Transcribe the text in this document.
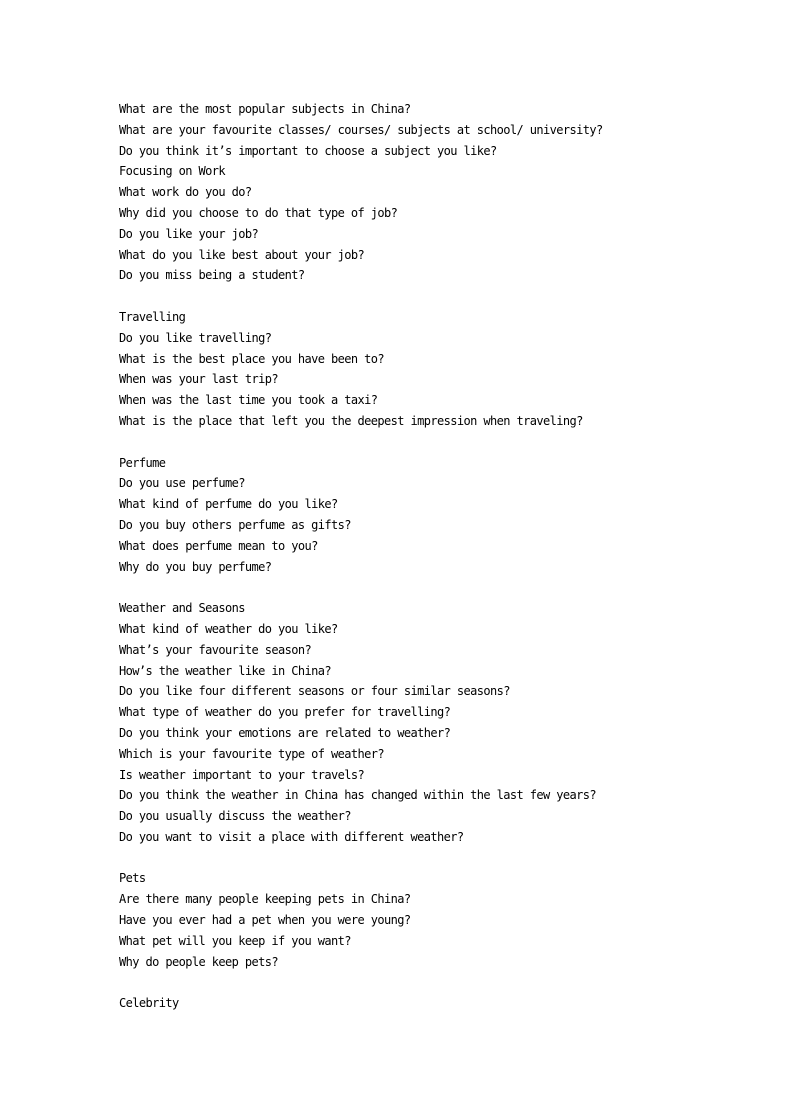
What are the most popular subjects in China?
What are your favourite classes/ courses/ subjects at school/ university?
Do you think it’s important to choose a subject you like?
Focusing on Work
What work do you do?
Why did you choose to do that type of job?
Do you like your job?
What do you like best about your job?
Do you miss being a student?
Travelling
Do you like travelling?
What is the best place you have been to?
When was your last trip?
When was the last time you took a taxi?
What is the place that left you the deepest impression when traveling?
Perfume
Do you use perfume?
What kind of perfume do you like?
Do you buy others perfume as gifts?
What does perfume mean to you?
Why do you buy perfume?
Weather and Seasons
What kind of weather do you like?
What’s your favourite season?
How’s the weather like in China?
Do you like four different seasons or four similar seasons?
What type of weather do you prefer for travelling?
Do you think your emotions are related to weather?
Which is your favourite type of weather?
Is weather important to your travels?
Do you think the weather in China has changed within the last few years?
Do you usually discuss the weather?
Do you want to visit a place with different weather?
Pets
Are there many people keeping pets in China?
Have you ever had a pet when you were young?
What pet will you keep if you want?
Why do people keep pets?
Celebrity
